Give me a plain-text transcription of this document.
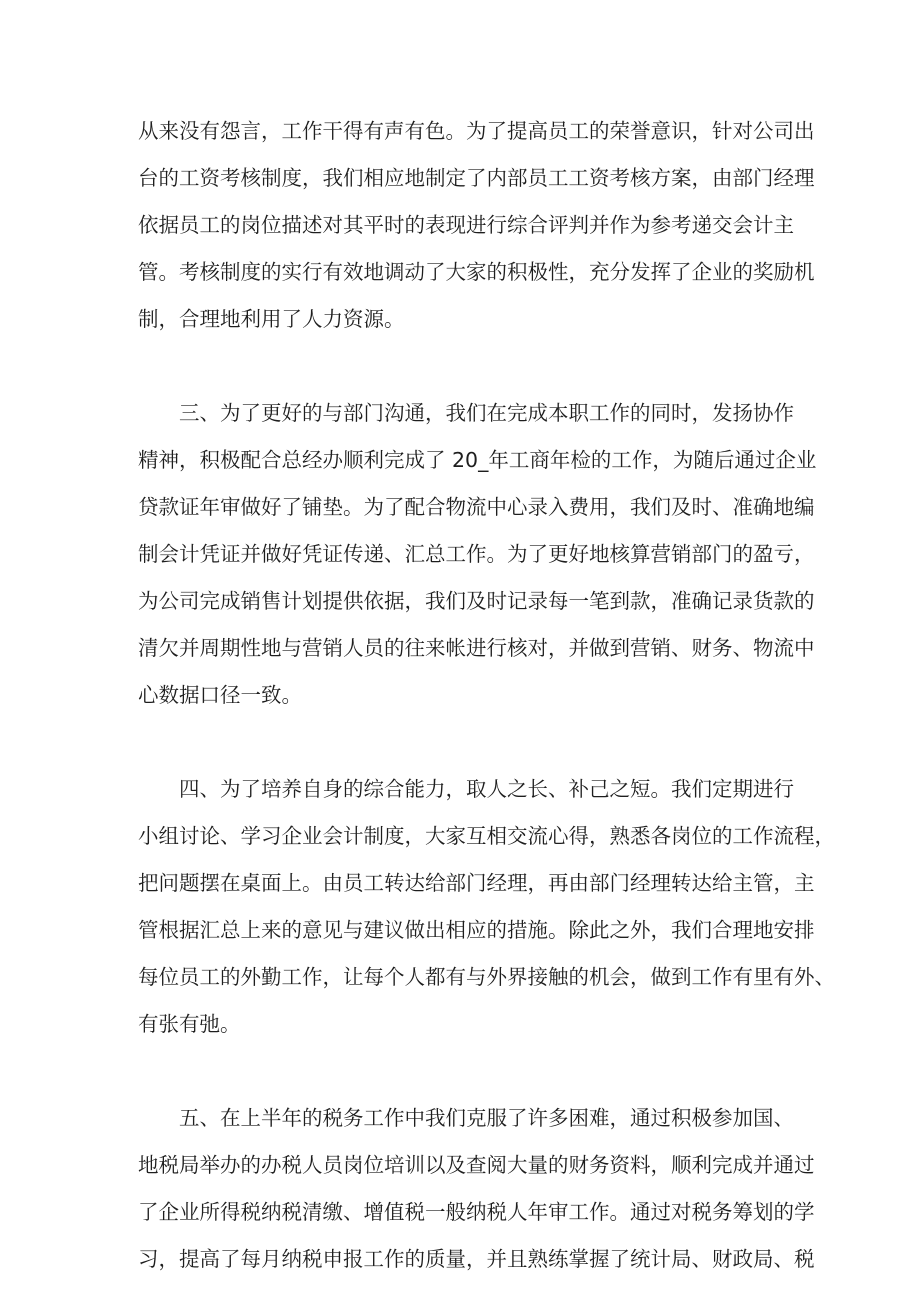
从来没有怨言，工作干得有声有色。为了提高员工的荣誉意识，针对公司出
台的工资考核制度，我们相应地制定了内部员工工资考核方案，由部门经理
依据员工的岗位描述对其平时的表现进行综合评判并作为参考递交会计主
管。考核制度的实行有效地调动了大家的积极性，充分发挥了企业的奖励机
制，合理地利用了人力资源。
三、为了更好的与部门沟通，我们在完成本职工作的同时，发扬协作
精神，积极配合总经办顺利完成了 20_年工商年检的工作，为随后通过企业
贷款证年审做好了铺垫。为了配合物流中心录入费用，我们及时、准确地编
制会计凭证并做好凭证传递、汇总工作。为了更好地核算营销部门的盈亏，
为公司完成销售计划提供依据，我们及时记录每一笔到款，准确记录货款的
清欠并周期性地与营销人员的往来帐进行核对，并做到营销、财务、物流中
心数据口径一致。
四、为了培养自身的综合能力，取人之长、补己之短。我们定期进行
小组讨论、学习企业会计制度，大家互相交流心得，熟悉各岗位的工作流程，
把问题摆在桌面上。由员工转达给部门经理，再由部门经理转达给主管，主
管根据汇总上来的意见与建议做出相应的措施。除此之外，我们合理地安排
每位员工的外勤工作，让每个人都有与外界接触的机会，做到工作有里有外、
有张有弛。
五、在上半年的税务工作中我们克服了许多困难，通过积极参加国、
地税局举办的办税人员岗位培训以及查阅大量的财务资料，顺利完成并通过
了企业所得税纳税清缴、增值税一般纳税人年审工作。通过对税务筹划的学
习，提高了每月纳税申报工作的质量，并且熟练掌握了统计局、财政局、税
